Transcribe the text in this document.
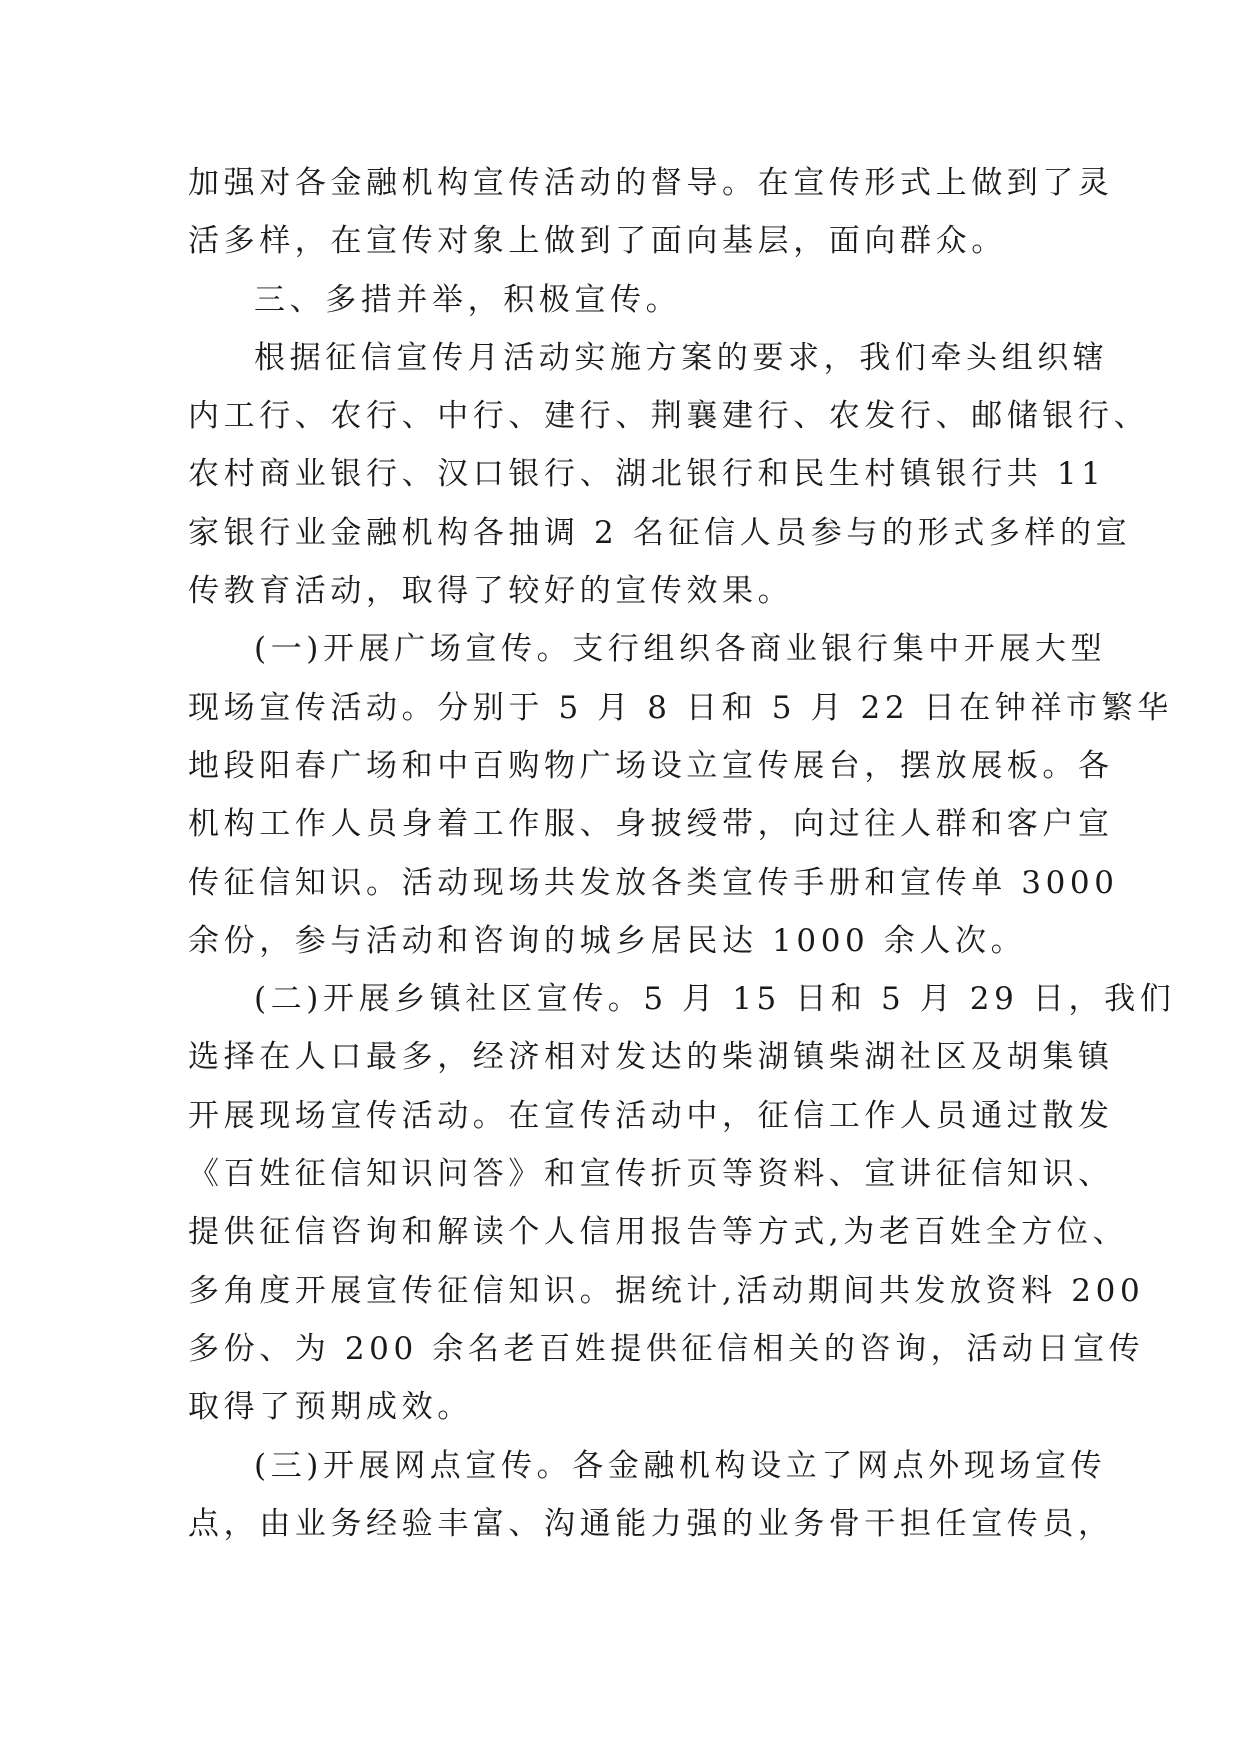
加强对各金融机构宣传活动的督导。在宣传形式上做到了灵
活多样，在宣传对象上做到了面向基层，面向群众。
三、多措并举，积极宣传。
根据征信宣传月活动实施方案的要求，我们牵头组织辖
内工行、农行、中行、建行、荆襄建行、农发行、邮储银行、
农村商业银行、汉口银行、湖北银行和民生村镇银行共 11
家银行业金融机构各抽调 2 名征信人员参与的形式多样的宣
传教育活动，取得了较好的宣传效果。
(一)开展广场宣传。支行组织各商业银行集中开展大型
现场宣传活动。分别于 5 月 8 日和 5 月 22 日在钟祥市繁华
地段阳春广场和中百购物广场设立宣传展台，摆放展板。各
机构工作人员身着工作服、身披绶带，向过往人群和客户宣
传征信知识。活动现场共发放各类宣传手册和宣传单 3000
余份，参与活动和咨询的城乡居民达 1000 余人次。
(二)开展乡镇社区宣传。5 月 15 日和 5 月 29 日，我们
选择在人口最多，经济相对发达的柴湖镇柴湖社区及胡集镇
开展现场宣传活动。在宣传活动中，征信工作人员通过散发
《百姓征信知识问答》和宣传折页等资料、宣讲征信知识、
提供征信咨询和解读个人信用报告等方式,为老百姓全方位、
多角度开展宣传征信知识。据统计,活动期间共发放资料 200
多份、为 200 余名老百姓提供征信相关的咨询，活动日宣传
取得了预期成效。
(三)开展网点宣传。各金融机构设立了网点外现场宣传
点，由业务经验丰富、沟通能力强的业务骨干担任宣传员，
